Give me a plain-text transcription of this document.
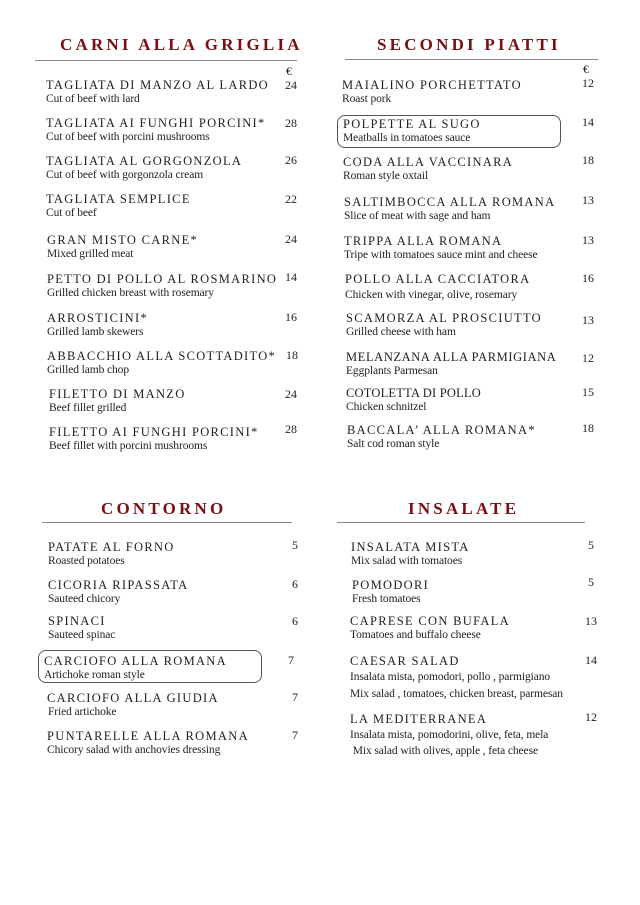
CARNI ALLA GRIGLIA
€
TAGLIATA DI MANZO AL LARDO
Cut of beef with lard
24
TAGLIATA AI FUNGHI PORCINI*
Cut of beef with porcini mushrooms
28
TAGLIATA AL GORGONZOLA
Cut of beef with gorgonzola cream
26
TAGLIATA SEMPLICE
Cut of beef
22
GRAN MISTO CARNE*
Mixed grilled meat
24
PETTO DI POLLO AL ROSMARINO
Grilled chicken breast with rosemary
14
ARROSTICINI*
Grilled lamb skewers
16
ABBACCHIO ALLA SCOTTADITO*
Grilled lamb chop
18
FILETTO DI MANZO
Beef fillet grilled
24
FILETTO AI FUNGHI PORCINI*
Beef fillet with porcini mushrooms
28
SECONDI PIATTI
€
MAIALINO PORCHETTATO
Roast pork
12
POLPETTE AL SUGO
Meatballs in tomatoes sauce
14
CODA ALLA VACCINARA
Roman style oxtail
18
SALTIMBOCCA ALLA ROMANA
Slice of meat with sage and ham
13
TRIPPA ALLA ROMANA
Tripe with tomatoes sauce mint and cheese
13
POLLO ALLA CACCIATORA
Chicken with vinegar, olive, rosemary
16
SCAMORZA AL PROSCIUTTO
Grilled cheese with ham
13
MELANZANA ALLA PARMIGIANA
Eggplants Parmesan
12
COTOLETTA DI POLLO
Chicken schnitzel
15
BACCALA’ ALLA ROMANA*
Salt cod roman style
18
CONTORNO
PATATE AL FORNO
Roasted potatoes
5
CICORIA RIPASSATA
Sauteed chicory
6
SPINACI
Sauteed spinac
6
CARCIOFO ALLA ROMANA
Artichoke roman style
7
CARCIOFO ALLA GIUDIA
Fried artichoke
7
PUNTARELLE ALLA ROMANA
Chicory salad with anchovies dressing
7
INSALATE
INSALATA MISTA
Mix salad with tomatoes
5
POMODORI
Fresh tomatoes
5
CAPRESE CON BUFALA
Tomatoes and buffalo cheese
13
CAESAR SALAD
Insalata mista, pomodori, pollo , parmigiano
Mix salad , tomatoes, chicken breast, parmesan
14
LA MEDITERRANEA
Insalata mista, pomodorini, olive, feta, mela
Mix salad with olives, apple , feta cheese
12
